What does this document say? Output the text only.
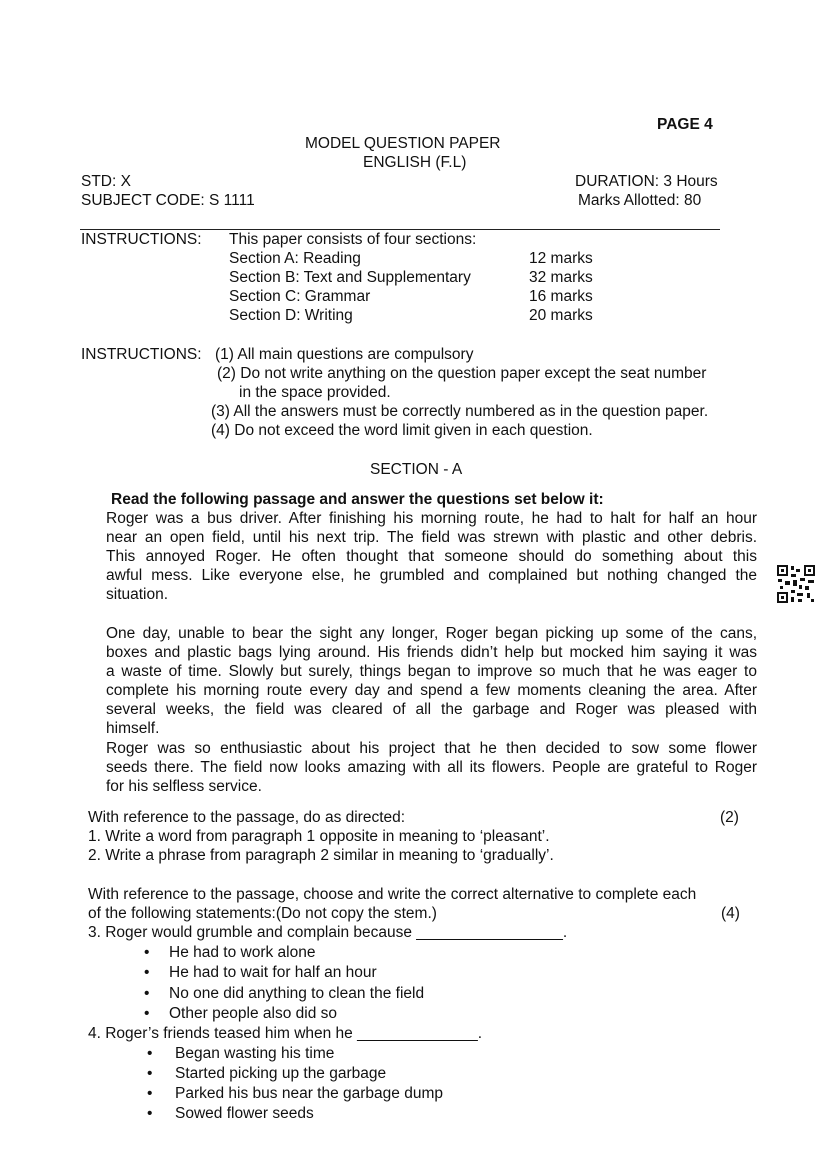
PAGE 4
MODEL QUESTION PAPER
ENGLISH (F.L)
STD: X	DURATION: 3 Hours
SUBJECT CODE: S 1111	Marks Allotted: 80
INSTRUCTIONS: This paper consists of four sections:
Section A: Reading	12 marks
Section B: Text and Supplementary	32 marks
Section C: Grammar	16 marks
Section D: Writing	20 marks
INSTRUCTIONS: (1) All main questions are compulsory
(2) Do not write anything on the question paper except the seat number
in the space provided.
(3) All the answers must be correctly numbered as in the question paper.
(4) Do not exceed the word limit given in each question.
SECTION - A
Read the following passage and answer the questions set below it:
Roger was a bus driver. After finishing his morning route, he had to halt for half an hour
near an open field, until his next trip. The field was strewn with plastic and other debris.
This annoyed Roger. He often thought that someone should do something about this
awful mess. Like everyone else, he grumbled and complained but nothing changed the
situation.
One day, unable to bear the sight any longer, Roger began picking up some of the cans,
boxes and plastic bags lying around. His friends didn’t help but mocked him saying it was
a waste of time. Slowly but surely, things began to improve so much that he was eager to
complete his morning route every day and spend a few moments cleaning the area. After
several weeks, the field was cleared of all the garbage and Roger was pleased with
himself.
Roger was so enthusiastic about his project that he then decided to sow some flower
seeds there. The field now looks amazing with all its flowers. People are grateful to Roger
for his selfless service.
With reference to the passage, do as directed:	(2)
1. Write a word from paragraph 1 opposite in meaning to ‘pleasant’.
2. Write a phrase from paragraph 2 similar in meaning to ‘gradually’.
With reference to the passage, choose and write the correct alternative to complete each
of the following statements:(Do not copy the stem.)	(4)
3. Roger would grumble and complain because _________________.
• He had to work alone
• He had to wait for half an hour
• No one did anything to clean the field
• Other people also did so
4. Roger’s friends teased him when he ______________.
• Began wasting his time
• Started picking up the garbage
• Parked his bus near the garbage dump
• Sowed flower seeds
